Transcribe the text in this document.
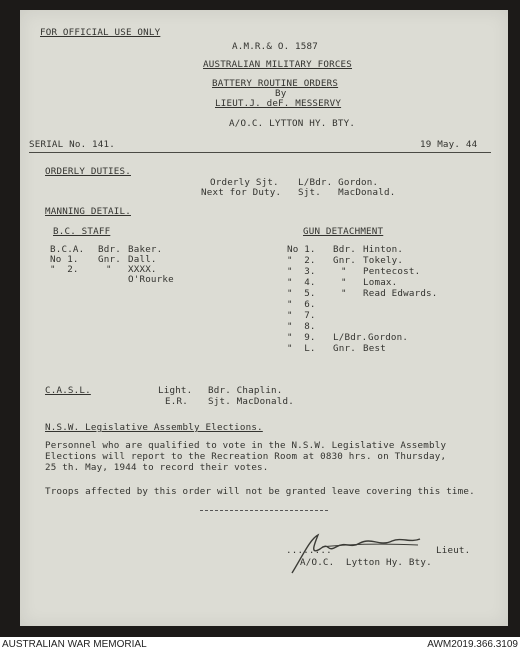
FOR OFFICIAL USE ONLY
A.M.R.& O. 1587
AUSTRALIAN MILITARY FORCES
BATTERY ROUTINE ORDERS
By
LIEUT.J. deF. MESSERVY
A/O.C. LYTTON HY. BTY.
SERIAL No. 141.	19 May. 44
ORDERLY DUTIES.
Orderly Sjt. L/Bdr. Gordon.
Next for Duty. Sjt.   MacDonald.
MANNING DETAIL.
B.C. STAFF	GUN DETACHMENT
B.C.A. Bdr. Baker.
No 1. Gnr. Dall.
"  2.	" XXXX.
O'Rourke
No 1. Bdr. Hinton.
"  2. Gnr. Tokely.
"  3.	" Pentecost.
"  4.	" Lomax.
"  5.	" Read Edwards.
"  6.
"  7.
"  8.
"  9. L/Bdr. Gordon.
"  L. Gnr. Best
C.A.S.L.	Light. Bdr. Chaplin.
E.R. Sjt. MacDonald.
N.S.W. Legislative Assembly Elections.
Personnel who are qualified to vote in the N.S.W. Legislative Assembly
Elections will report to the Recreation Room at 0830 hrs. on Thursday,
25 th. May, 1944 to record their votes.
Troops affected by this order will not be granted leave covering this time.
........	Lieut.
A/O.C.  Lytton Hy. Bty.
AUSTRALIAN WAR MEMORIAL	AWM2019.366.3109
